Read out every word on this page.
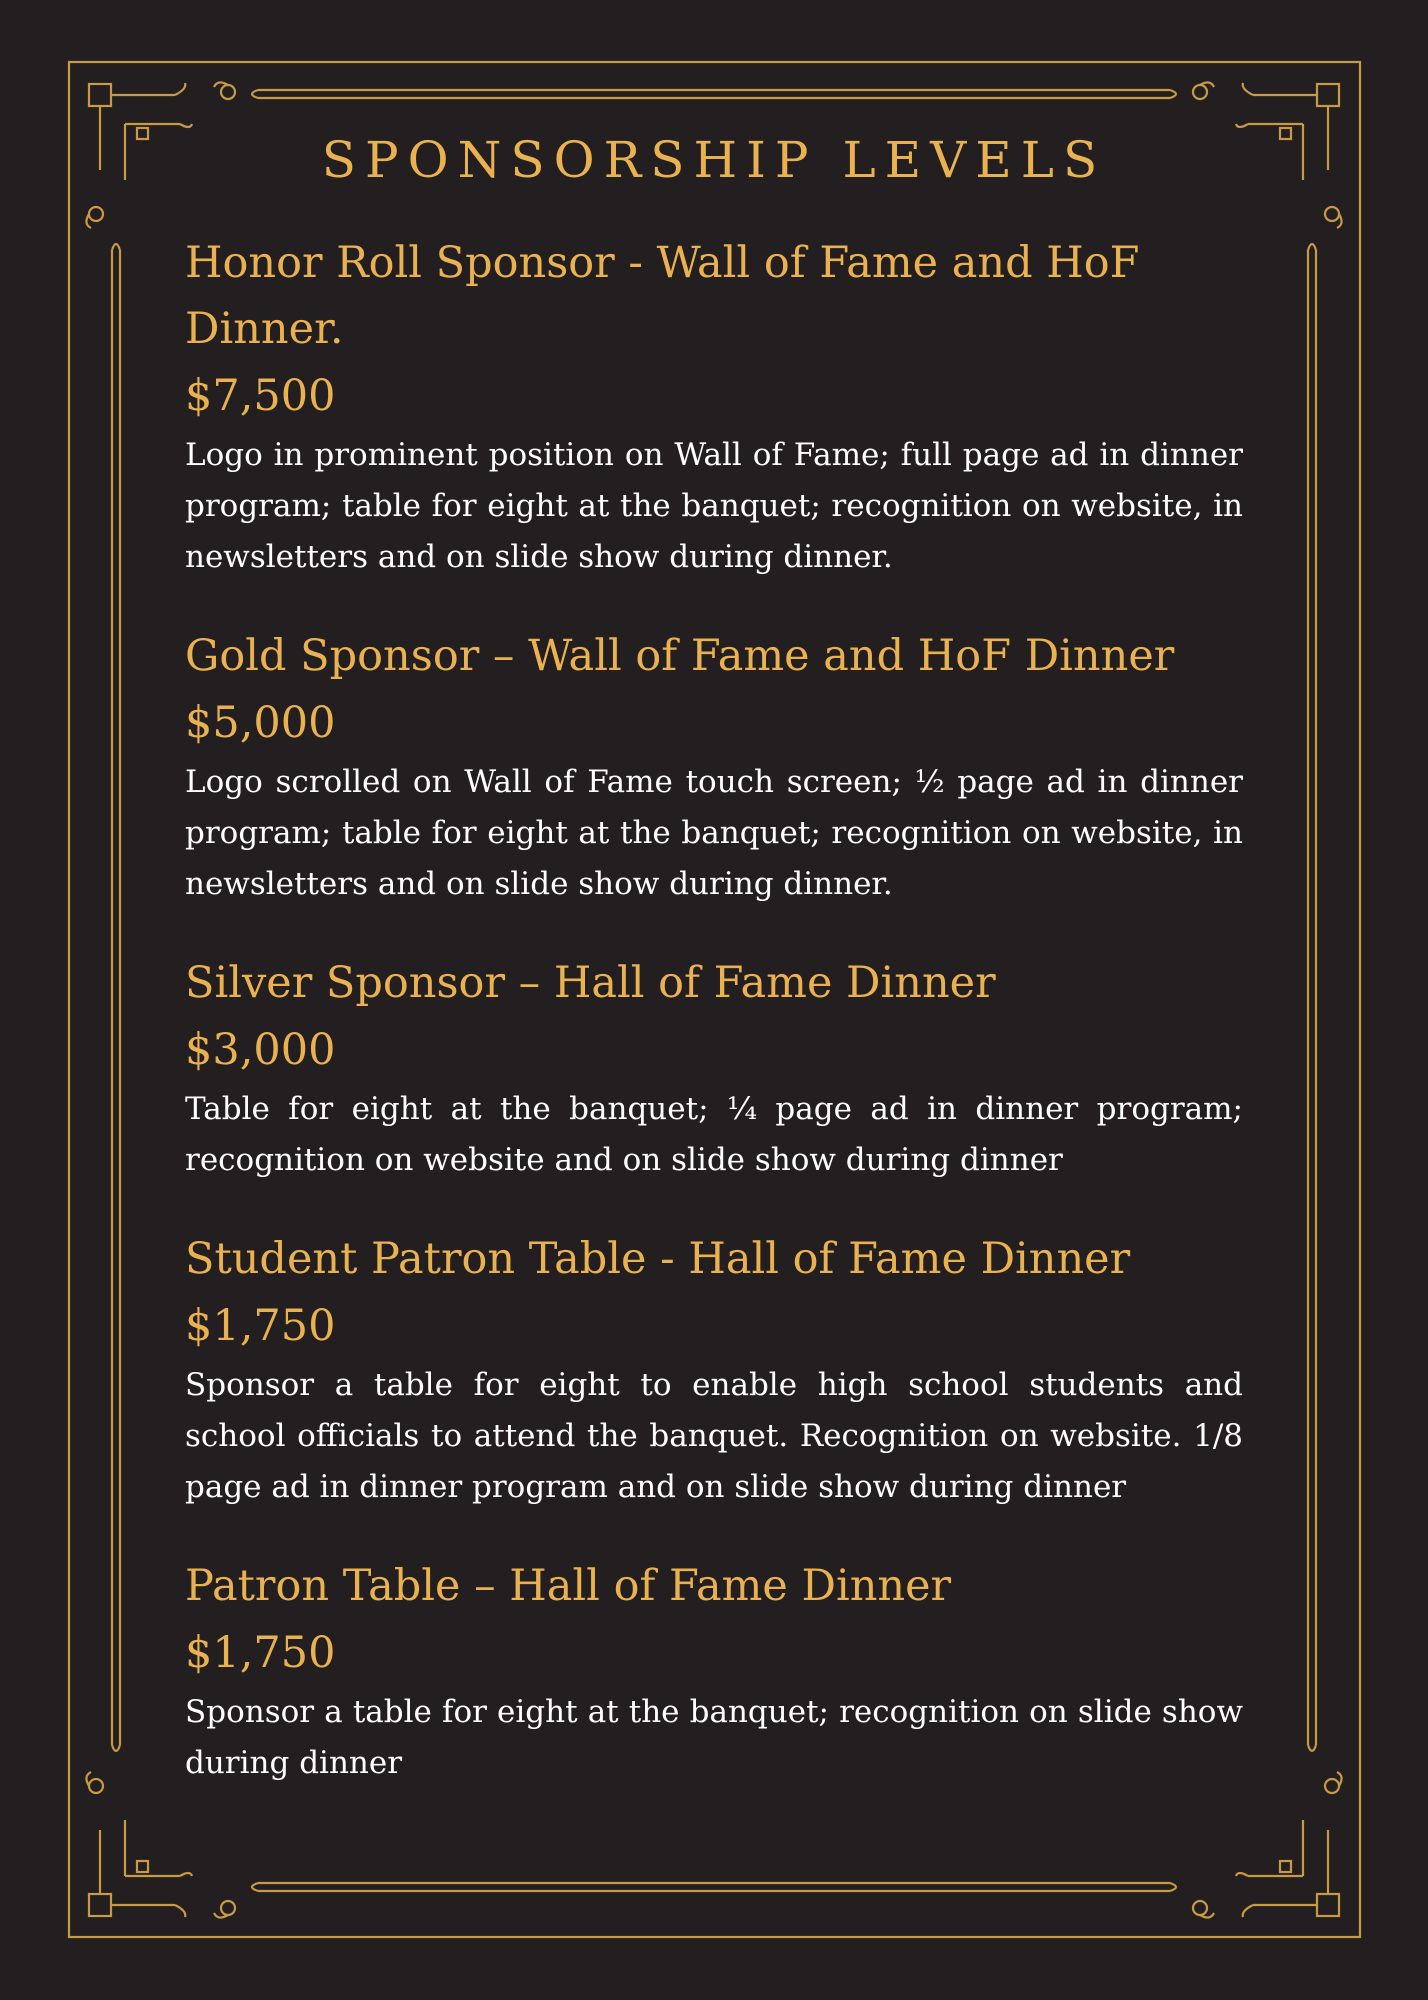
SPONSORSHIP LEVELS
Honor Roll Sponsor - Wall of Fame and HoF Dinner.
$7,500

Logo in prominent position on Wall of Fame; full page ad in dinner program; table for eight at the banquet; recognition on website, in newsletters and on slide show during dinner.

Gold Sponsor – Wall of Fame and HoF Dinner
$5,000

Logo scrolled on Wall of Fame touch screen; ½ page ad in dinner program; table for eight at the banquet; recognition on website, in newsletters and on slide show during dinner.

Silver Sponsor – Hall of Fame Dinner
$3,000

Table for eight at the banquet; ¼ page ad in dinner program; recognition on website and on slide show during dinner

Student Patron Table - Hall of Fame Dinner
$1,750

Sponsor a table for eight to enable high school students and school officials to attend the banquet. Recognition on website. 1/8 page ad in dinner program and on slide show during dinner

Patron Table – Hall of Fame Dinner
$1,750

Sponsor a table for eight at the banquet; recognition on slide show during dinner
